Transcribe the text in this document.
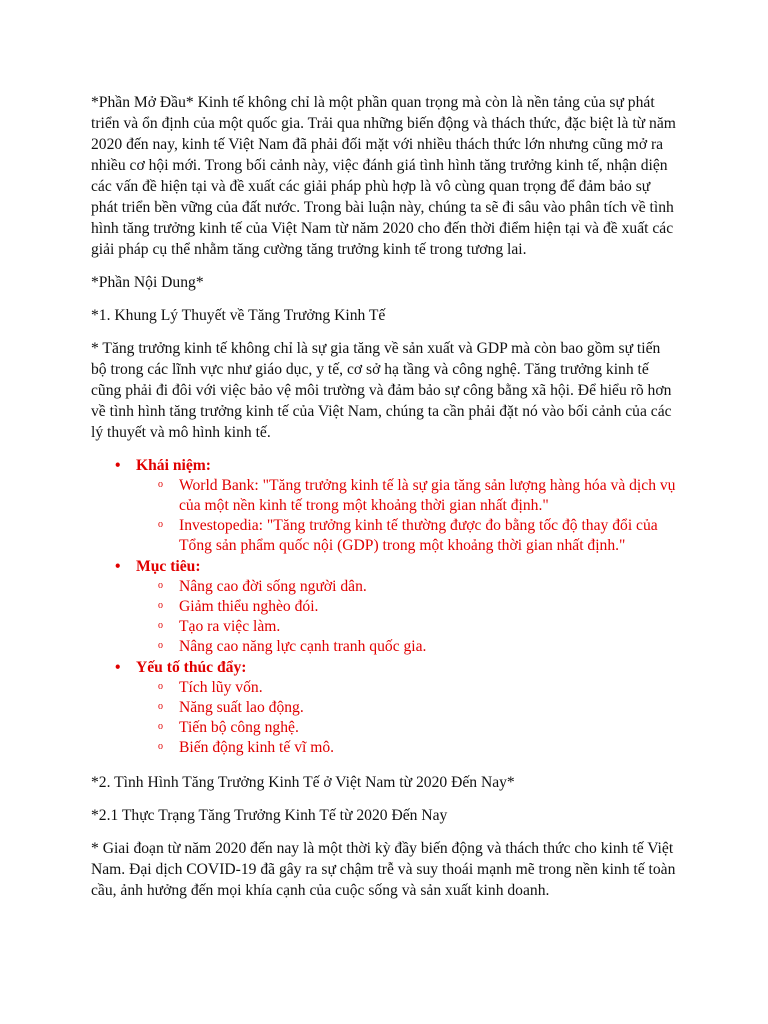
*Phần Mở Đầu* Kinh tế không chỉ là một phần quan trọng mà còn là nền tảng của sự phát triển và ổn định của một quốc gia. Trải qua những biến động và thách thức, đặc biệt là từ năm 2020 đến nay, kinh tế Việt Nam đã phải đối mặt với nhiều thách thức lớn nhưng cũng mở ra nhiều cơ hội mới. Trong bối cảnh này, việc đánh giá tình hình tăng trưởng kinh tế, nhận diện các vấn đề hiện tại và đề xuất các giải pháp phù hợp là vô cùng quan trọng để đảm bảo sự phát triển bền vững của đất nước. Trong bài luận này, chúng ta sẽ đi sâu vào phân tích về tình hình tăng trưởng kinh tế của Việt Nam từ năm 2020 cho đến thời điểm hiện tại và đề xuất các giải pháp cụ thể nhằm tăng cường tăng trưởng kinh tế trong tương lai.

*Phần Nội Dung*

*1. Khung Lý Thuyết về Tăng Trưởng Kinh Tế

* Tăng trưởng kinh tế không chỉ là sự gia tăng về sản xuất và GDP mà còn bao gồm sự tiến bộ trong các lĩnh vực như giáo dục, y tế, cơ sở hạ tầng và công nghệ. Tăng trưởng kinh tế cũng phải đi đôi với việc bảo vệ môi trường và đảm bảo sự công bằng xã hội. Để hiểu rõ hơn về tình hình tăng trưởng kinh tế của Việt Nam, chúng ta cần phải đặt nó vào bối cảnh của các lý thuyết và mô hình kinh tế.

• Khái niệm:
o World Bank: "Tăng trưởng kinh tế là sự gia tăng sản lượng hàng hóa và dịch vụ của một nền kinh tế trong một khoảng thời gian nhất định."
o Investopedia: "Tăng trưởng kinh tế thường được đo bằng tốc độ thay đổi của Tổng sản phẩm quốc nội (GDP) trong một khoảng thời gian nhất định."
• Mục tiêu:
o Nâng cao đời sống người dân.
o Giảm thiểu nghèo đói.
o Tạo ra việc làm.
o Nâng cao năng lực cạnh tranh quốc gia.
• Yếu tố thúc đẩy:
o Tích lũy vốn.
o Năng suất lao động.
o Tiến bộ công nghệ.
o Biến động kinh tế vĩ mô.

*2. Tình Hình Tăng Trưởng Kinh Tế ở Việt Nam từ 2020 Đến Nay*

*2.1 Thực Trạng Tăng Trưởng Kinh Tế từ 2020 Đến Nay

* Giai đoạn từ năm 2020 đến nay là một thời kỳ đầy biến động và thách thức cho kinh tế Việt Nam. Đại dịch COVID-19 đã gây ra sự chậm trễ và suy thoái mạnh mẽ trong nền kinh tế toàn cầu, ảnh hưởng đến mọi khía cạnh của cuộc sống và sản xuất kinh doanh.
